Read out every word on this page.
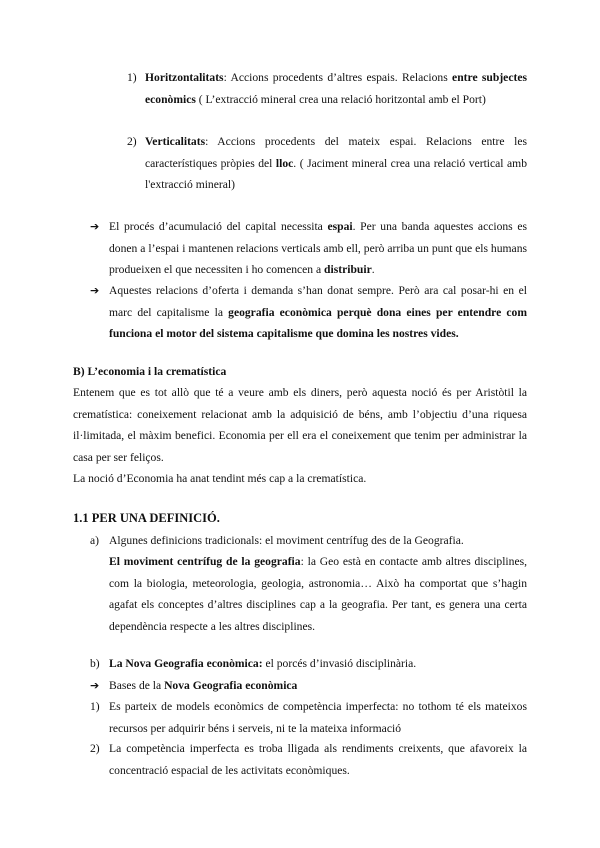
1) Horitzontalitats: Accions procedents d’altres espais. Relacions entre subjectes econòmics ( L’extracció mineral crea una relació horitzontal amb el Port)
2) Verticalitats: Accions procedents del mateix espai. Relacions entre les característiques pròpies del lloc. ( Jaciment mineral crea una relació vertical amb l'extracció mineral)
➔ El procés d’acumulació del capital necessita espai. Per una banda aquestes accions es donen a l’espai i mantenen relacions verticals amb ell, però arriba un punt que els humans produeixen el que necessiten i ho comencen a distribuir.
➔ Aquestes relacions d’oferta i demanda s’han donat sempre. Però ara cal posar-hi en el marc del capitalisme la geografia econòmica perquè dona eines per entendre com funciona el motor del sistema capitalisme que domina les nostres vides.
B) L’economia i la crematística
Entenem que es tot allò que té a veure amb els diners, però aquesta noció és per Aristòtil la crematística: coneixement relacionat amb la adquisició de béns, amb l’objectiu d’una riquesa il·limitada, el màxim benefici. Economia per ell era el coneixement que tenim per administrar la casa per ser feliços.
La noció d’Economia ha anat tendint més cap a la crematística.
1.1 PER UNA DEFINICIÓ.
a) Algunes definicions tradicionals: el moviment centrífug des de la Geografia.
El moviment centrífug de la geografia: la Geo està en contacte amb altres disciplines, com la biologia, meteorologia, geologia, astronomia… Això ha comportat que s’hagin agafat els conceptes d’altres disciplines cap a la geografia. Per tant, es genera una certa dependència respecte a les altres disciplines.
b) La Nova Geografia econòmica: el porcés d’invasió disciplinària.
➔ Bases de la Nova Geografia econòmica
1) Es parteix de models econòmics de competència imperfecta: no tothom té els mateixos recursos per adquirir béns i serveis, ni te la mateixa informació
2) La competència imperfecta es troba lligada als rendiments creixents, que afavoreix la concentració espacial de les activitats econòmiques.
